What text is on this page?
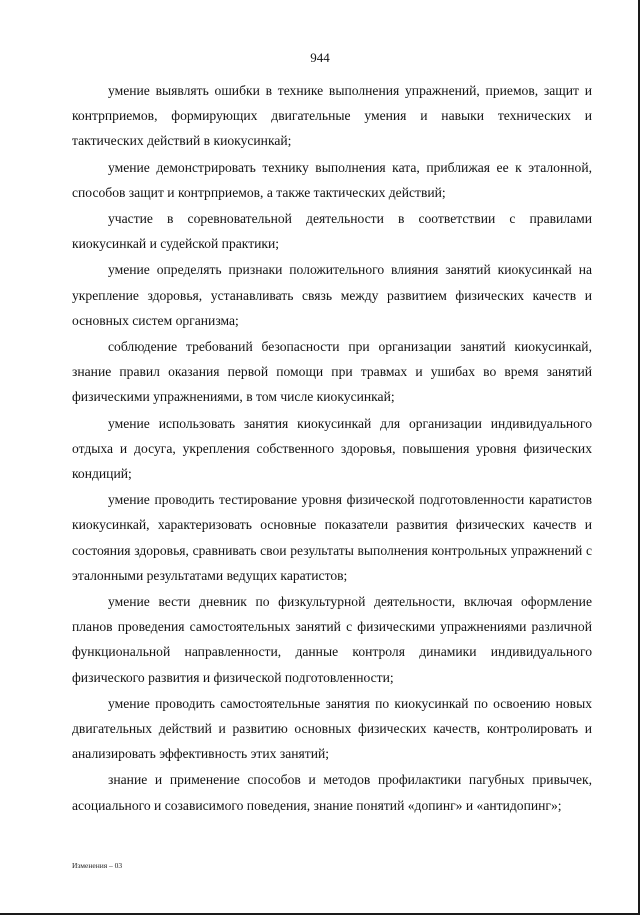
944

умение выявлять ошибки в технике выполнения упражнений, приемов, защит и контрприемов, формирующих двигательные умения и навыки технических и тактических действий в киокусинкай;

умение демонстрировать технику выполнения ката, приближая ее к эталонной, способов защит и контрприемов, а также тактических действий;

участие в соревновательной деятельности в соответствии с правилами киокусинкай и судейской практики;

умение определять признаки положительного влияния занятий киокусинкай на укрепление здоровья, устанавливать связь между развитием физических качеств и основных систем организма;

соблюдение требований безопасности при организации занятий киокусинкай, знание правил оказания первой помощи при травмах и ушибах во время занятий физическими упражнениями, в том числе киокусинкай;

умение использовать занятия киокусинкай для организации индивидуального отдыха и досуга, укрепления собственного здоровья, повышения уровня физических кондиций;

умение проводить тестирование уровня физической подготовленности каратистов киокусинкай, характеризовать основные показатели развития физических качеств и состояния здоровья, сравнивать свои результаты выполнения контрольных упражнений с эталонными результатами ведущих каратистов;

умение вести дневник по физкультурной деятельности, включая оформление планов проведения самостоятельных занятий с физическими упражнениями различной функциональной направленности, данные контроля динамики индивидуального физического развития и физической подготовленности;

умение проводить самостоятельные занятия по киокусинкай по освоению новых двигательных действий и развитию основных физических качеств, контролировать и анализировать эффективность этих занятий;

знание и применение способов и методов профилактики пагубных привычек, асоциального и созависимого поведения, знание понятий «допинг» и «антидопинг»;

Изменения – 03
